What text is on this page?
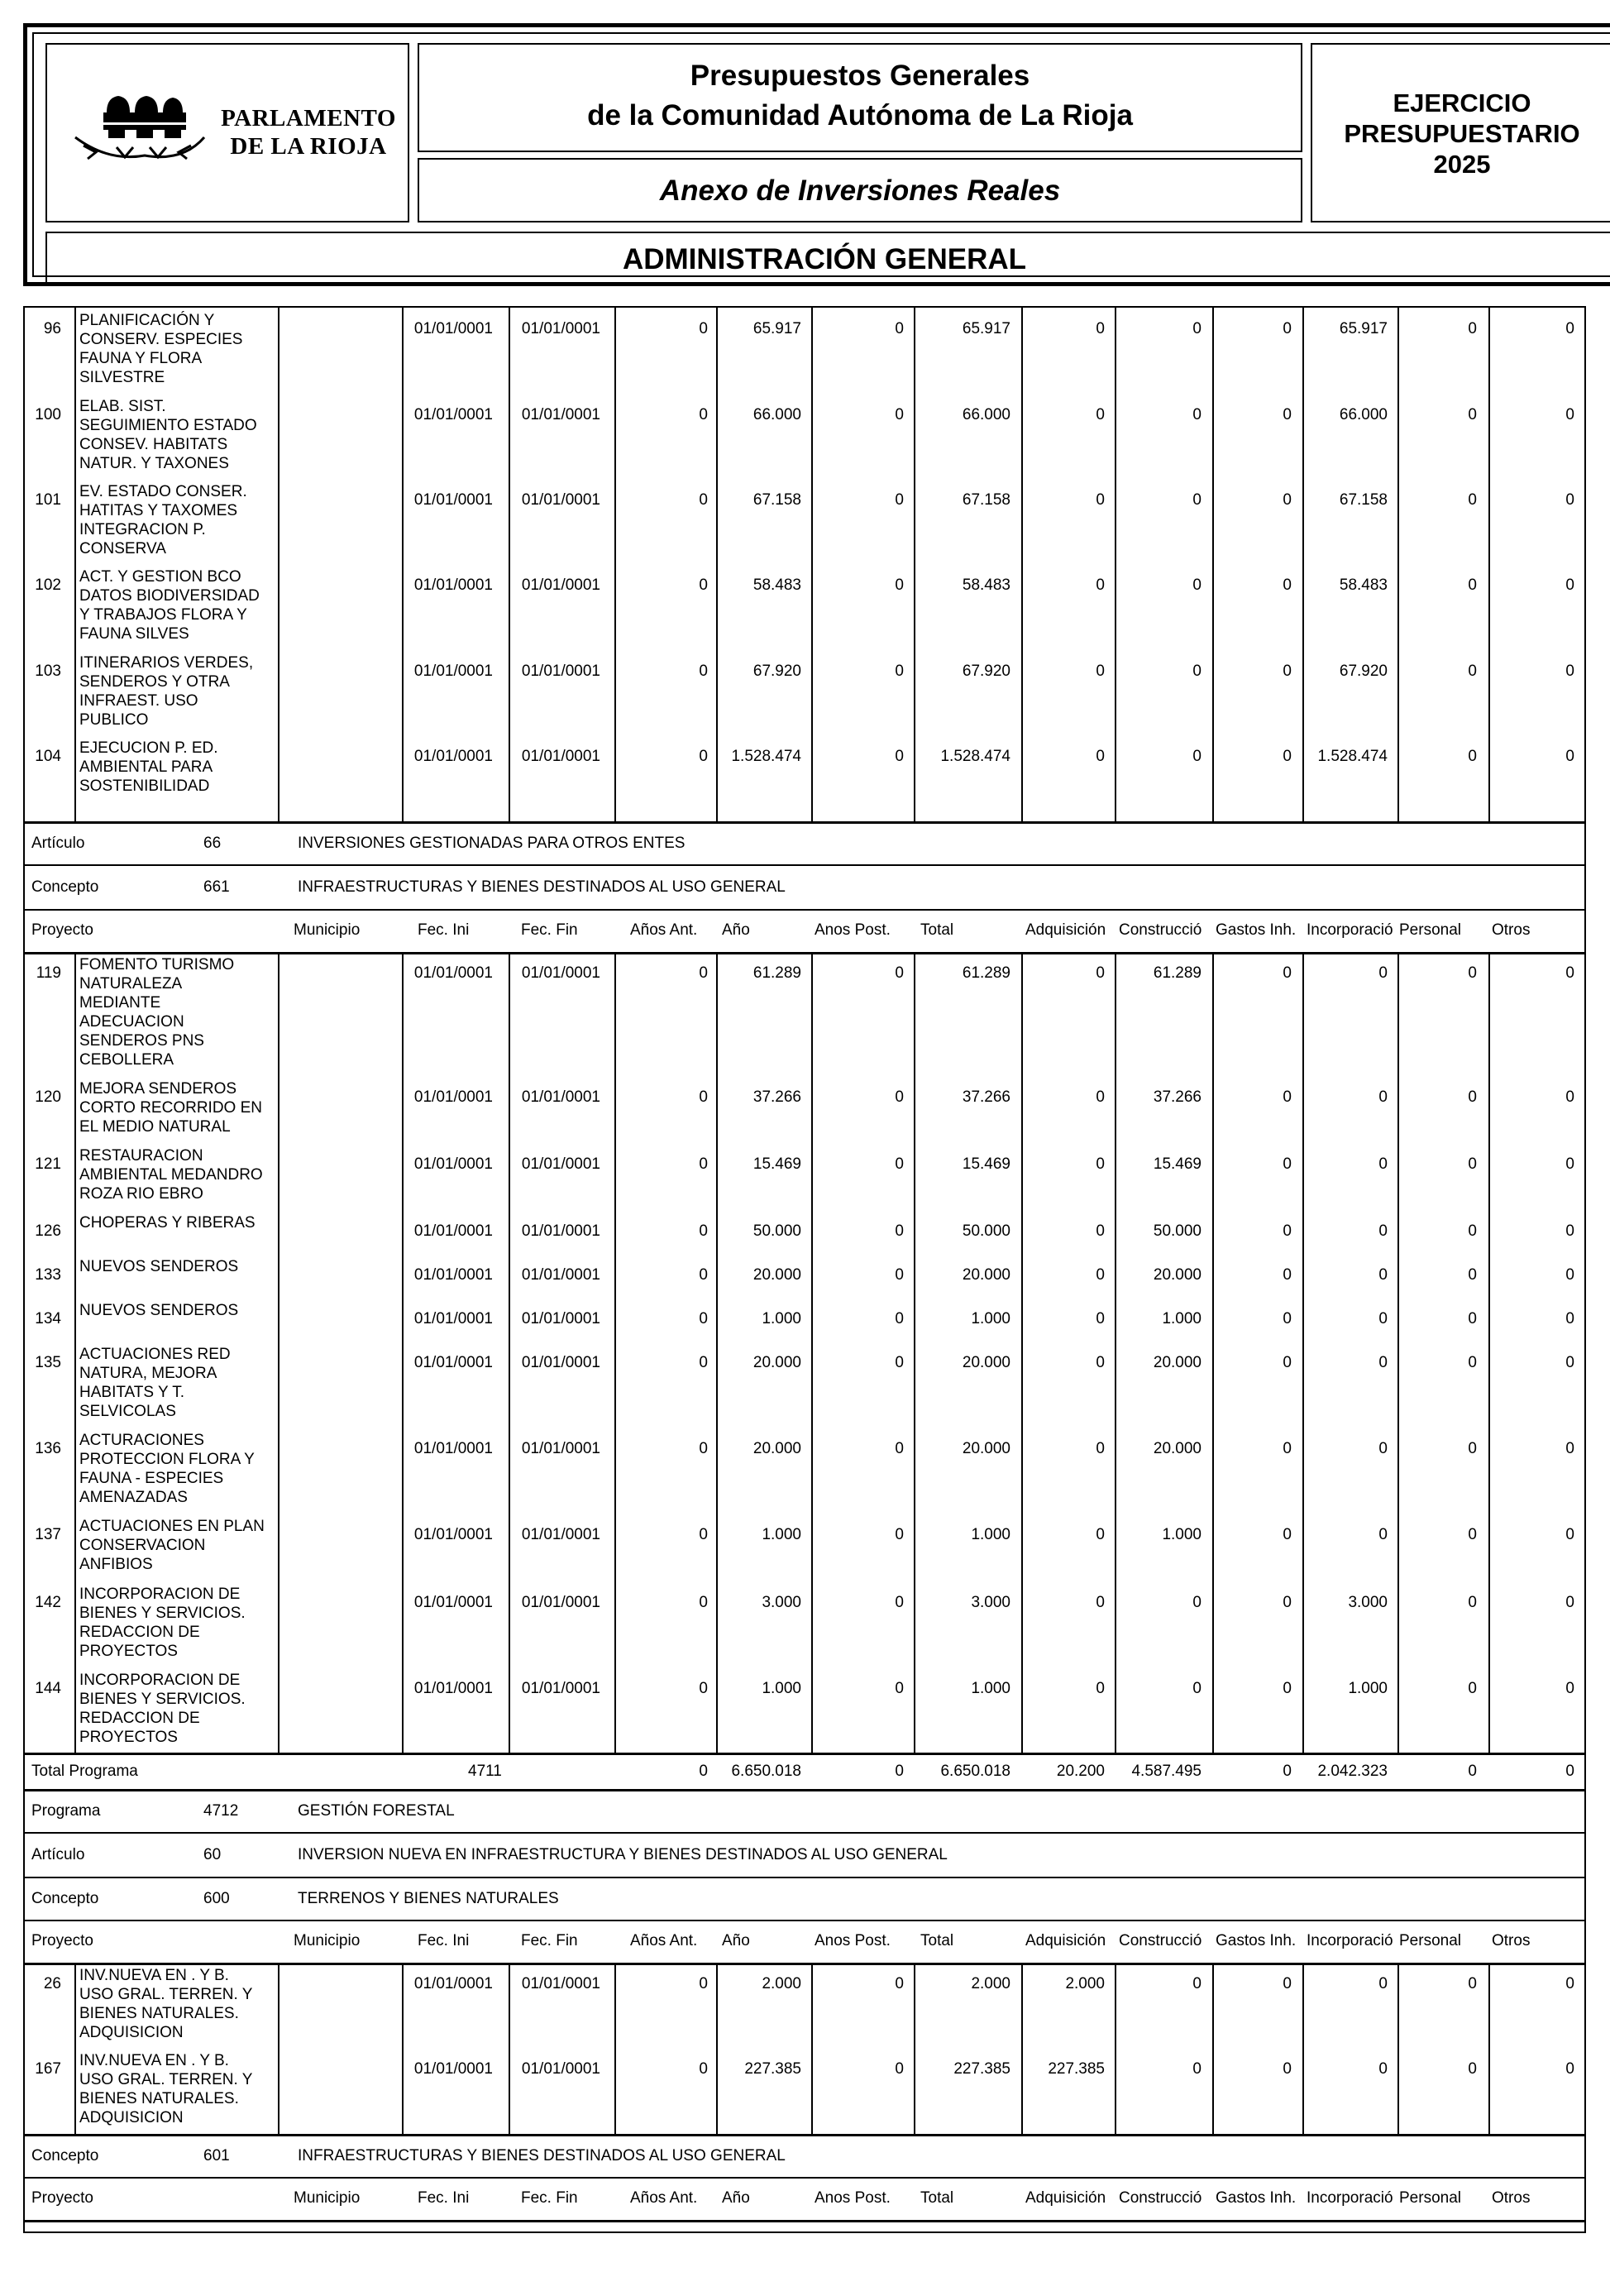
PARLAMENTO
DE LA RIOJA
Presupuestos Generales
de la Comunidad Autónoma de La Rioja
Anexo de Inversiones Reales
EJERCICIO
PRESUPUESTARIO
2025
ADMINISTRACIÓN GENERAL
96 PLANIFICACIÓN Y
CONSERV. ESPECIES
FAUNA Y FLORA
SILVESTRE
01/01/0001 01/01/0001	0	65.917	0	65.917	0	0	0	65.917	0	0
100 ELAB. SIST.
SEGUIMIENTO ESTADO
CONSEV. HABITATS
NATUR. Y TAXONES
01/01/0001 01/01/0001	0	66.000	0	66.000	0	0	0	66.000	0	0
101 EV. ESTADO CONSER.
HATITAS Y TAXOMES
INTEGRACION P.
CONSERVA
01/01/0001 01/01/0001	0	67.158	0	67.158	0	0	0	67.158	0	0
102 ACT. Y GESTION BCO
DATOS BIODIVERSIDAD
Y TRABAJOS FLORA Y
FAUNA SILVES
01/01/0001 01/01/0001	0	58.483	0	58.483	0	0	0	58.483	0	0
103 ITINERARIOS VERDES,
SENDEROS Y OTRA
INFRAEST. USO
PUBLICO
01/01/0001 01/01/0001	0	67.920	0	67.920	0	0	0	67.920	0	0
104 EJECUCION P. ED.
AMBIENTAL PARA
SOSTENIBILIDAD
01/01/0001 01/01/0001	0 1.528.474	0 1.528.474	0	0	0 1.528.474	0	0
Artículo	66	INVERSIONES GESTIONADAS PARA OTROS ENTES
Concepto	661	INFRAESTRUCTURAS Y BIENES DESTINADOS AL USO GENERAL
Proyecto	Municipio	Fec. Ini	Fec. Fin	Años Ant. Año	Anos Post. Total	Adquisición Construcció Gastos Inh. Incorporació Personal Otros
119 FOMENTO TURISMO
NATURALEZA
MEDIANTE
ADECUACION
SENDEROS PNS
CEBOLLERA
01/01/0001 01/01/0001	0	61.289	0	61.289	0	61.289	0	0	0	0
120 MEJORA SENDEROS
CORTO RECORRIDO EN
EL MEDIO NATURAL
01/01/0001 01/01/0001	0	37.266	0	37.266	0	37.266	0	0	0	0
121 RESTAURACION
AMBIENTAL MEDANDRO
ROZA RIO EBRO
01/01/0001 01/01/0001	0	15.469	0	15.469	0	15.469	0	0	0	0
126 CHOPERAS Y RIBERAS	01/01/0001 01/01/0001	0	50.000	0	50.000	0	50.000	0	0	0	0
133 NUEVOS SENDEROS	01/01/0001 01/01/0001	0	20.000	0	20.000	0	20.000	0	0	0	0
134 NUEVOS SENDEROS	01/01/0001 01/01/0001	0	1.000	0	1.000	0	1.000	0	0	0	0
135 ACTUACIONES RED
NATURA, MEJORA
HABITATS Y T.
SELVICOLAS
01/01/0001 01/01/0001	0	20.000	0	20.000	0	20.000	0	0	0	0
136 ACTURACIONES
PROTECCION FLORA Y
FAUNA - ESPECIES
AMENAZADAS
01/01/0001 01/01/0001	0	20.000	0	20.000	0	20.000	0	0	0	0
137 ACTUACIONES EN PLAN
CONSERVACION
ANFIBIOS
01/01/0001 01/01/0001	0	1.000	0	1.000	0	1.000	0	0	0	0
142 INCORPORACION DE
BIENES Y SERVICIOS.
REDACCION DE
PROYECTOS
01/01/0001 01/01/0001	0	3.000	0	3.000	0	0	0	3.000	0	0
144 INCORPORACION DE
BIENES Y SERVICIOS.
REDACCION DE
PROYECTOS
01/01/0001 01/01/0001	0	1.000	0	1.000	0	0	0	1.000	0	0
Total Programa	4711	0 6.650.018	0 6.650.018	20.200 4.587.495	0 2.042.323	0	0
Programa	4712	GESTIÓN FORESTAL
Artículo	60	INVERSION NUEVA EN INFRAESTRUCTURA Y BIENES DESTINADOS AL USO GENERAL
Concepto	600	TERRENOS Y BIENES NATURALES
Proyecto	Municipio	Fec. Ini	Fec. Fin	Años Ant. Año	Anos Post. Total	Adquisición Construcció Gastos Inh. Incorporació Personal Otros
26 INV.NUEVA EN . Y B.
USO GRAL. TERREN. Y
BIENES NATURALES.
ADQUISICION
01/01/0001 01/01/0001	0	2.000	0	2.000	2.000	0	0	0	0	0
167 INV.NUEVA EN . Y B.
USO GRAL. TERREN. Y
BIENES NATURALES.
ADQUISICION
01/01/0001 01/01/0001	0 227.385	0	227.385 227.385	0	0	0	0	0
Concepto	601	INFRAESTRUCTURAS Y BIENES DESTINADOS AL USO GENERAL
Proyecto	Municipio	Fec. Ini	Fec. Fin	Años Ant. Año	Anos Post. Total	Adquisición Construcció Gastos Inh. Incorporació Personal Otros
